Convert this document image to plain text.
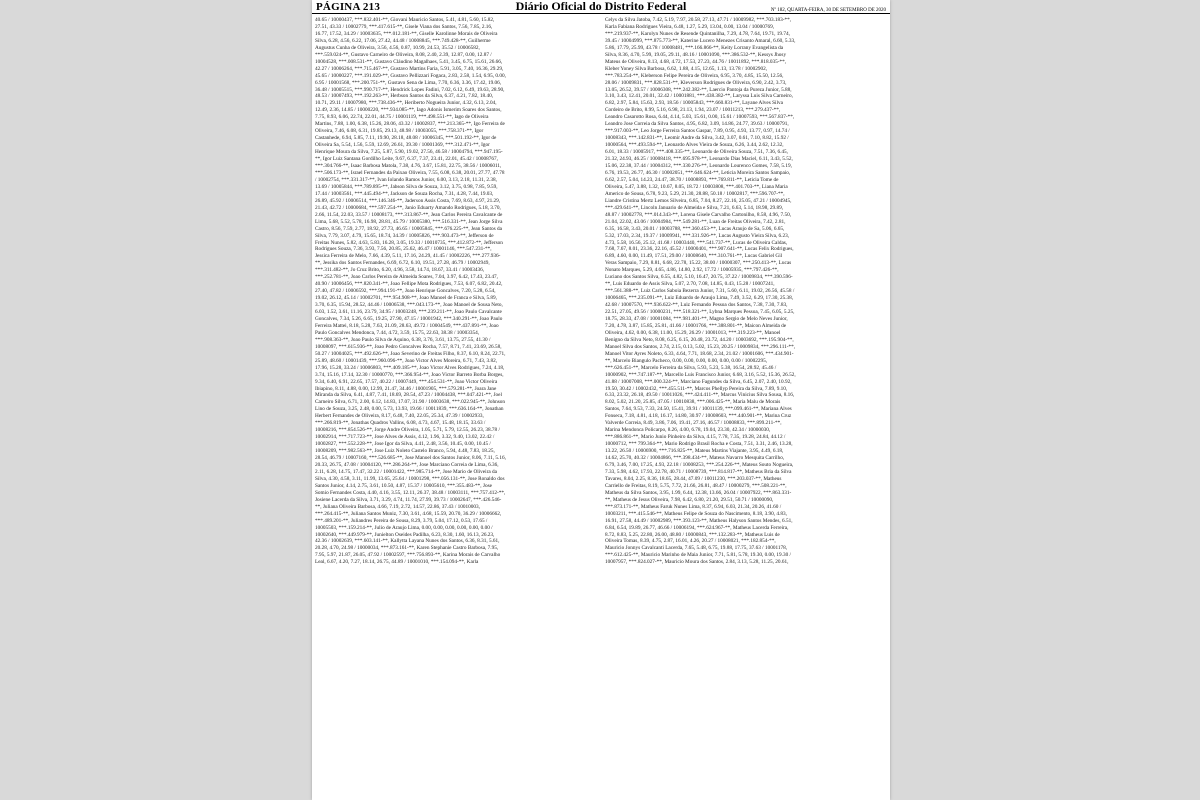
PÁGINA 213	Diário Oficial do Distrito Federal	Nº 182, QUARTA-FEIRA, 30 DE SETEMBRO DE 2020

40.65 / 10000437, ***.832.401-**, Giovani Mauricio Santos, 5.41, 4.81, 5.60, 15.82,

27.51, 43.33 / 10002779, ***.417.615-**, Gisele Viana dos Santos, 7.56, 7.85, 2.16,

16.77, 17.52, 34.29 / 10003635, ***.012.181-**, Giselle Karolinne Morais de Oliveira

Silva, 6.28, 4.56, 6.22, 17.06, 27.42, 44.48 / 10008845, ***.749.428-**, Guilherme

Augustus Cunha de Oliveira, 3.56, 4.56, 0.87, 10.99, 24.53, 35.52 / 10006582,

***.559.024-**, Gustavo Carneiro de Oliveira, 8.08, 2.40, 2.39, 12.87, 0.00, 12.87 /

10004528, ***.008.531-**, Gustavo Cláudino Magalhaes, 5.41, 3.45, 6.75, 15.61, 26.66,

42.27 / 10006264, ***.715.467-**, Gustavo Martins Faria, 5.91, 3.05, 7.40, 16.36, 29.29,

45.65 / 10000227, ***.191.029-**, Gustavo Pellizzari Fogaca, 2.83, 2.58, 1.54, 6.95, 0.00,

6.95 / 10001568, ***.200.751-**, Gustavo Sena de Lima, 7.70, 6.36, 3.36, 17.42, 19.06,

36.48 / 10005515, ***.990.717-**, Hendrick Lopes Fadini, 7.02, 6.12, 6.49, 19.63, 28.90,

48.53 / 10007493, ***.192.263-**, Herbson Santos da Silva, 6.37, 4.21, 7.82, 18.40,

10.71, 29.11 / 10007980, ***.738.436-**, Heriberto Nogueira Junior, 4.32, 6.13, 2.04,

12.49, 2.36, 14.85 / 10000220, ***.934.085-**, Iago Adonis Ismerim Soares dos Santos,

7.75, 8.93, 6.06, 22.74, 22.01, 44.75 / 10001119, ***.498.551-**, Iago de Oliveira

Martins, 7.88, 1.00, 6.38, 15.26, 28.06, 43.32 / 10002837, ***.213.365-**, Igo Ferreira de

Oliveira, 7.46, 6.08, 6.31, 19.85, 29.13, 48.98 / 10003055, ***.758.371-**, Igor

Castanhede, 6.94, 5.85, 7.11, 19.90, 28.18, 48.08 / 10006345, ***.501.192-**, Igor de

Oliveira Sa, 5.54, 1.56, 5.59, 12.69, 26.61, 39.30 / 10001369, ***.312.471-**, Igor

Henrique Moura da Silva, 7.25, 5.87, 5.90, 19.02, 27.56, 46.58 / 10004794, ***.947.195-

**, Igor Luiz Santana Gordilho Leite, 9.67, 6.37, 7.37, 23.41, 22.01, 45.42 / 10008767,

***.304.766-**, Isaac Barbosa Matola, 7.38, 4.76, 3.67, 15.81, 22.75, 38.56 / 10006011,

***.506.173-**, Israel Fernandes da Paixao Oliveira, 7.55, 6.08, 6.38, 20.01, 27.77, 47.78

/ 10002754, ***.331.317-**, Ivan Iolando Ramos Junior, 6.00, 3.13, 2.18, 11.31, 2.38,

13.69 / 10005844, ***.789.895-**, Jabson Silva de Souza, 3.12, 3.75, 0.98, 7.85, 9.59,

17.44 / 10003561, ***.445.494-**, Jackson de Souza Rocha, 7.31, 4.28, 7.44, 19.03,

26.89, 45.92 / 10006514, ***.146.346-**, Jaderson Assis Costa, 7.69, 8.63, 4.97, 21.29,

21.43, 42.72 / 10000684, ***.597.254-**, Janio Eduarty Amando Rodrigues, 5.18, 3.70,

2.66, 11.54, 22.03, 33.57 / 10008173, ***.313.867-**, Jean Carlos Pereira Cavalcante de

Lima, 5.68, 5.52, 5.78, 16.98, 28.81, 45.79 / 10005380, ***.516.331-**, Jean Jorge Silva

Castro, 8.56, 7.59, 2.77, 18.92, 27.73, 46.65 / 10005845, ***.676.225-**, Jean Santos da

Silva, 7.79, 3.07, 4.79, 15.65, 18.74, 34.39 / 10005826, ***.903.473-**, Jefferson de

Freitas Nunes, 5.82, 4.63, 5.83, 16.28, 3.05, 19.33 / 10010735, ***.412.872-**, Jefferson

Rodrigues Souza, 7.36, 3.93, 7.56, 20.85, 25.62, 46.47 / 10001146, ***.547.231-**,

Jessica Ferreira de Melo, 7.66, 4.39, 5.11, 17.16, 24.29, 41.45 / 10002226, ***.277.936-

**, Jessika dos Santos Fernandes, 6.69, 6.72, 6.10, 19.51, 27.28, 46.79 / 10002949,

***.311.482-**, Jo Cruz Brito, 6.20, 4.96, 3.58, 14.74, 18.67, 33.41 / 10003436,

***.252.781-**, Joao Carlos Pereira de Almeida Soares, 7.04, 3.97, 6.42, 17.43, 23.47,

40.90 / 10006456, ***.820.341-**, Joao Fellipe Mota Rodrigues, 7.53, 6.07, 6.82, 20.42,

27.40, 47.82 / 10006592, ***.994.191-**, Joao Henrique Goncalves, 7.20, 5.28, 6.54,

19.02, 26.12, 45.14 / 10002701, ***.954.908-**, Joao Manoel de Franca e Silva, 5.89,

3.70, 6.35, 15.94, 28.52, 44.46 / 10006538, ***.043.173-**, Joao Manoel de Sousa Neto,

6.03, 1.52, 3.61, 11.16, 23.79, 34.95 / 10003248, ***.239.211-**, Joao Paulo Cavalcante

Goncalves, 7.34, 5.26, 6.65, 19.25, 27.90, 47.15 / 10001942, ***.340.291-**, Joao Paulo

Ferreira Mattei, 8.18, 5.28, 7.63, 21.09, 28.63, 49.72 / 10004549, ***.437.891-**, Joao

Paulo Goncalves Mendonca, 7.44, 4.72, 3.59, 15.75, 22.63, 38.38 / 10003354,

***.908.363-**, Joao Paulo Silva de Aquino, 6.38, 3.76, 3.61, 13.75, 27.55, 41.30 /

10008097, ***.615.936-**, Joao Pedro Goncalves Rocha, 7.57, 8.71, 7.41, 23.69, 26.58,

50.27 / 10004025, ***.492.626-**, Joao Severino de Freitas Filho, 8.37, 6.10, 8.24, 22.71,

25.89, 48.60 / 10001439, ***.960.096-**, Joao Victor Alves Moreira, 6.71, 7.43, 3.82,

17.96, 15.28, 33.24 / 10006803, ***.409.185-**, Joao Victor Alves Rodrigues, 7.24, 4.18,

3.74, 15.16, 17.14, 32.30 / 10000770, ***.366.954-**, Joao Victor Barreto Borba Borges,

9.34, 6.40, 6.91, 22.65, 17.57, 40.22 / 10007449, ***.454.531-**, Joao Victor Oliveira

Ibiapino, 8.11, 4.88, 0.00, 12.99, 21.47, 34.46 / 10001905, ***.579.281-**, Joara Jane

Miranda da Silva, 6.41, 4.87, 7.41, 18.69, 28.54, 47.23 / 10004438, ***.047.421-**, Joel

Carneiro Silva, 6.71, 2.00, 6.12, 14.83, 17.07, 31.90 / 10003638, ***.022.945-**, Johnson

Lino de Souza, 3.25, 2.48, 0.00, 5.73, 13.93, 19.66 / 10011839, ***.636.164-**, Jonathan

Herbert Fernandes de Oliveira, 8.17, 6.48, 7.40, 22.05, 25.34, 47.39 / 10002933,

***.266.819-**, Jonathas Quadros Vallins, 6.08, 4.73, 4.67, 15.48, 18.15, 33.63 /

10008216, ***.854.526-**, Jorge Andre Oliveira, 1.05, 5.71, 5.79, 12.55, 26.23, 38.78 /

10002914, ***.717.723-**, Jose Alves de Assis, 4.12, 1.96, 3.32, 9.40, 13.02, 22.42 /

10002827, ***.552.228-**, Jose Igor da Silva, 4.41, 2.48, 3.56, 10.45, 0.00, 10.45 /

10008209, ***.982.563-**, Jose Luiz Noleto Castelo Branco, 5.94, 4.48, 7.83, 18.25,

28.54, 46.79 / 10007160, ***.526.685-**, Jose Manoel dos Santos Junior, 8.06, 7.11, 5.16,

20.33, 26.75, 47.08 / 10004120, ***.286.264-**, Jose Marciano Correia de Lima, 6.36,

2.11, 6.28, 14.75, 17.47, 32.22 / 10001422, ***.985.714-**, Jose Mario de Oliveira da

Silva, 4.30, 4.58, 3.11, 11.99, 13.65, 25.64 / 10001298, ***.056.131-**, Jose Ronaldo dos

Santos Junior, 4.14, 2.75, 3.61, 10.50, 4.87, 15.37 / 10005610, ***.355.483-**, Jose

Somio Fernandes Costa, 4.40, 4.16, 3.55, 12.11, 26.37, 38.48 / 10003111, ***.757.412-**,

Josiene Lacerda da Silva, 3.71, 3.29, 4.74, 11.74, 27.99, 39.73 / 10002647, ***.426.546-

**, Juliana Oliveira Barbosa, 4.66, 7.19, 2.72, 14.57, 22.86, 37.43 / 10010003,

***.264.415-**, Juliana Santos Muniz, 7.30, 3.61, 4.68, 15.59, 20.70, 36.29 / 10006662,

***.489.201-**, Juliandres Pereira de Sousa, 8.29, 3.79, 5.04, 17.12, 0.53, 17.65 /

10005503, ***.159.214-**, Julio de Araujo Lima, 0.00, 0.00, 0.00, 0.00, 0.00, 0.00 /

10002640, ***.449.979-**, Junielton Oseides Padilha, 6.23, 8.30, 1.60, 16.13, 26.23,

42.36 / 10002639, ***.603.141-**, Kallytta Layana Nunes dos Santos, 6.36, 8.31, 5.61,

20.28, 4.70, 24.98 / 10000034, ***.873.161-**, Karen Stephanie Castro Barbosa, 7.95,

7.95, 5.97, 21.87, 26.05, 47.92 / 10002597, ***.756.893-**, Karina Morais de Carvalho

Leal, 6.67, 4.20, 7.27, 18.14, 26.75, 44.89 / 10001010, ***.154.094-**, Karla

Celys da Silva Jatoba, 7.42, 5.19, 7.97, 20.58, 27.13, 47.71 / 10009982, ***.703.183-**,

Karla Fabiana Rodrigues Vieira, 6.48, 1.27, 5.29, 13.04, 0.00, 13.04 / 10000769,

***.219.937-**, Karolyn Nunes de Resende Quintanilha, 7.29, 4.78, 7.64, 19.71, 19.74,

39.45 / 10004999, ***.875.773-**, Katerine Lucero Menezes Crisanto Amaral, 6.60, 5.33,

5.86, 17.79, 25.99, 43.78 / 10008481, ***.166.866-**, Keity Lorrany Evangelista da

Silva, 8.36, 4.70, 5.99, 19.05, 29.11, 48.16 / 10001090, ***.386.532-**, Kessys Jhosy

Mateus de Oliveira, 8.13, 4.68, 4.72, 17.53, 27.23, 44.76 / 10011892, ***.818.035-**,

Kleber Yoney Silva Barbosa, 6.62, 1.88, 4.15, 12.65, 1.13, 13.78 / 10002902,

***.783.254-**, Kleberson Felipe Pereira de Oliveira, 6.95, 3.70, 4.85, 15.50, 12.56,

28.06 / 10009831, ***.828.531-**, Kleverson Rodrigues de Oliveira, 6.90, 2.42, 3.73,

13.05, 26.52, 39.57 / 10006308, ***.242.382-**, Laercio Pantoja da Pureza Junior, 5.88,

3.10, 3.43, 12.41, 20.01, 32.42 / 10001881, ***.438.382-**, Laryssa Luis Silva Carneiro,

6.82, 2.97, 5.84, 15.63, 2.93, 18.56 / 10005843, ***.660.831-**, Layane Alves Silva

Cordeiro de Brito, 8.99, 5.16, 6.98, 21.13, 1.94, 23.07 / 10011213, ***.279.437-**,

Leandro Casarotto Rosa, 6.44, 4.14, 5.03, 15.61, 0.00, 15.61 / 10007593, ***.567.837-**,

Leandro Jose Correia da Silva Santos, 4.95, 6.82, 3.09, 14.86, 24.77, 39.63 / 10000791,

***.917.003-**, Leo Jorge Ferreira Santos Gaspar, 7.89, 0.95, 4.93, 13.77, 0.97, 14.74 /

10008343, ***.142.831-**, Leomir Andre da Silva, 3.42, 3.07, 0.61, 7.10, 8.82, 15.92 /

10000564, ***.493.594-**, Leonardo Alves Vieira de Souza, 6.26, 3.44, 2.62, 12.32,

6.01, 18.33 / 10005917, ***.408.335-**, Leonardo de Oliveira Souza, 7.51, 7.36, 6.45,

21.32, 24.93, 46.25 / 10008418, ***.695.978-**, Leonardo Dias Maciel, 6.11, 3.43, 5.52,

15.06, 22.38, 37.44 / 10004312, ***.330.276-**, Leonardo Lourenco Gomes, 7.58, 5.19,

6.76, 19.53, 26.77, 46.30 / 10002051, ***.646.624-**, Leticia Moreira Santos Sampaio,

6.62, 2.57, 5.04, 14.23, 24.47, 38.70 / 10008893, ***.769.811-**, Leticia Tome de

Oliveira, 5.47, 3.88, 1.32, 10.67, 8.05, 18.72 / 10003808, ***.401.703-**, Liana Maria

Americo de Sousa, 6.78, 9.23, 5.29, 21.30, 28.88, 50.18 / 10002817, ***.596.707-**,

Liandre Cristina Mertz Lemos Silveira, 6.85, 7.04, 8.27, 22.16, 25.05, 47.21 / 10004945,

***.429.641-**, Lincoln Januario de Almeida e Silva, 7.21, 6.63, 5.14, 18.98, 29.89,

48.87 / 10002778, ***.014.343-**, Lorena Gisele Carvalho Cartonilho, 8.58, 4.96, 7.50,

21.04, 22.02, 43.06 / 10004984, ***.549.281-**, Luan de Freitas Oliveira, 7.42, 2.81,

6.35, 16.58, 3.43, 20.01 / 10003788, ***.360.453-**, Lucas Araujo de Sa, 5.06, 6.65,

5.32, 17.03, 2.34, 19.37 / 10009941, ***.331.926-**, Lucas Augusto Vieira Silva, 6.23,

4.73, 5.58, 16.56, 25.12, 41.68 / 10003440, ***.541.737-**, Lucas de Oliveira Caldas,

7.68, 7.67, 8.01, 23.36, 22.16, 45.52 / 10000401, ***.907.641-**, Lucas Felix Rodrigues,

6.89, 4.60, 0.00, 11.49, 17.51, 29.00 / 10008640, ***.310.761-**, Lucas Gabriel Gil

Veras Sampaio, 7.29, 8.81, 6.68, 22.78, 15.22, 38.00 / 10000307, ***.250.413-**, Lucas

Nonato Marques, 5.29, 4.65, 4.86, 14.80, 2.92, 17.72 / 10005935, ***.797.426-**,

Luciano dos Santos Silva, 6.55, 4.82, 5.10, 16.47, 20.75, 37.22 / 10009834, ***.390.596-

**, Luis Eduardo de Assis Silva, 5.07, 2.70, 7.08, 14.85, 0.43, 15.28 / 10007241,

***.561.388-**, Luiz Carlos Saboia Bezerra Junior, 7.31, 5.60, 6.11, 19.02, 26.56, 45.58 /

10006465, ***.235.091-**, Luiz Eduardo de Araujo Lima, 7.49, 3.52, 6.29, 17.30, 25.38,

42.68 / 10007570, ***.936.622-**, Luiz Fernando Pessoa dos Santos, 7.38, 7.30, 7.83,

22.51, 27.05, 49.56 / 10000231, ***.518.321-**, Lybna Marques Pessoa, 7.45, 6.05, 5.25,

18.75, 28.33, 47.08 / 10001084, ***.981.401-**, Magno Sergio de Melo Neves Junior,

7.20, 4.78, 3.87, 15.85, 25.81, 41.66 / 10001766, ***.388.801-**, Maicon Almeida de

Oliveira, 4.62, 0.00, 6.38, 11.00, 15.29, 26.29 / 10001013, ***.319.223-**, Manoel

Benigno da Silva Neto, 8.08, 6.25, 6.15, 20.48, 23.72, 44.20 / 10003692, ***.195.904-**,

Manoel Silva dos Santos, 2.74, 2.15, 0.13, 5.02, 15.23, 20.25 / 10009834, ***.296.111-**,

Manoel Vitor Ayres Noleto, 6.33, 4.64, 7.71, 18.68, 2.34, 21.02 / 10001606, ***.434.901-

**, Marcelo Biangulo Pacheco, 0.00, 0.00, 0.00, 0.00, 0.00, 0.00 / 10002295,

***.626.451-**, Marcelo Ferreira da Silva, 5.93, 5.23, 5.38, 16.54, 28.92, 45.46 /

10000902, ***.747.187-**, Marcello Luis Francisco Junior, 6.68, 3.16, 5.52, 15.36, 26.52,

41.88 / 10007008, ***.000.324-**, Marciano Fagundes da Silva, 6.45, 2.07, 2.40, 10.92,

19.50, 30.42 / 10002432, ***.455.511-**, Marcos Phellyp Pereira da Silva, 7.89, 9.10,

6.33, 23.32, 26.18, 49.50 / 10011026, ***.424.411-**, Marcus Vinicius Silva Sousa, 8.16,

8.02, 5.02, 21.20, 25.85, 47.05 / 10010838, ***.006.425-**, Maria Malu de Morais

Santos, 7.64, 9.53, 7.33, 24.50, 15.41, 39.91 / 10011139, ***.099.461-**, Mariana Alves

Fonseca, 7.18, 4.81, 4.18, 16.17, 14.80, 30.97 / 10008603, ***.440.901-**, Marina Cruz

Valverde Correia, 8.49, 3.86, 7.06, 19.41, 27.16, 46.57 / 10008833, ***.899.211-**,

Marina Mendonca Policarpo, 8.26, 4.00, 6.78, 19.04, 23.30, 42.34 / 10000030,

***.886.861-**, Mario Junio Pinheiro da Silva, 4.15, 7.78, 7.35, 19.28, 24.84, 44.12 /

10000712, *** 799.364-**, Mario Rodrigo Brasil Rocha e Costa, 7.51, 3.31, 2.46, 13.28,

13.22, 26.50 / 10006900, ***.716.825-**, Mateus Martins Viajante, 3.95, 4.49, 6.18,

14.62, 25.70, 40.32 / 10004866, ***.398.434-**, Mateus Navarro Mesquita Carrilho,

6.79, 3.46, 7.00, 17.25, 4.93, 22.18 / 10008253, ***.254.226-**, Mateus Souto Nogueira,

7.33, 5.98, 4.62, 17.93, 22.78, 40.71 / 10008739, ***.814.817-**, Matheus Bria da Silva

Tavares, 8.04, 2.25, 8.36, 18.65, 28.44, 47.09 / 10011230, ***.203.037-**, Matheus

Carriello de Freitas, 8.19, 5.75, 7.72, 21.66, 26.81, 48.47 / 10000279, ***.508.221-**,

Matheus da Silva Santos, 3.95, 1.99, 6.44, 12.38, 13.66, 26.04 / 10007922, ***.863.331-

**, Matheus de Jesus Oliveira, 7.98, 6.42, 6.80, 21.20, 29.51, 50.71 / 10000090,

***.873.171-**, Matheus Faruk Nunes Lima, 8.37, 6.94, 6.03, 21.34, 20.26, 41.60 /

10003211, ***.415.546-**, Matheus Felipe de Souza do Nascimento, 8.18, 3.90, 4.83,

16.91, 27.58, 44.49 / 10002989, ***.393.123-**, Matheus Halyson Santos Mendes, 6.51,

6.84, 6.54, 19.89, 26.77, 46.66 / 10006194, ***.624.967-**, Matheus Lacerda Ferreira,

8.72, 8.83, 5.25, 22.80, 26.00, 48.80 / 10000843, ***.132.283-**, Matheus Luis de

Oliveira Tomas, 8.39, 4.75, 2.87, 16.01, 4.26, 20.27 / 10008021, ***.182.854-**,

Mauricio Jonnys Cavalcanti Lacerda, 7.65, 5.48, 6.75, 19.88, 17.75, 37.63 / 10001178,

***.612.425-**, Mauricio Marinho de Maia Junior, 7.71, 5.81, 5.78, 19.30, 0.00, 19.30 /

10007957, ***.824.027-**, Mauricio Moura dos Santos, 2.84, 3.13, 5.28, 11.25, 20.61,
